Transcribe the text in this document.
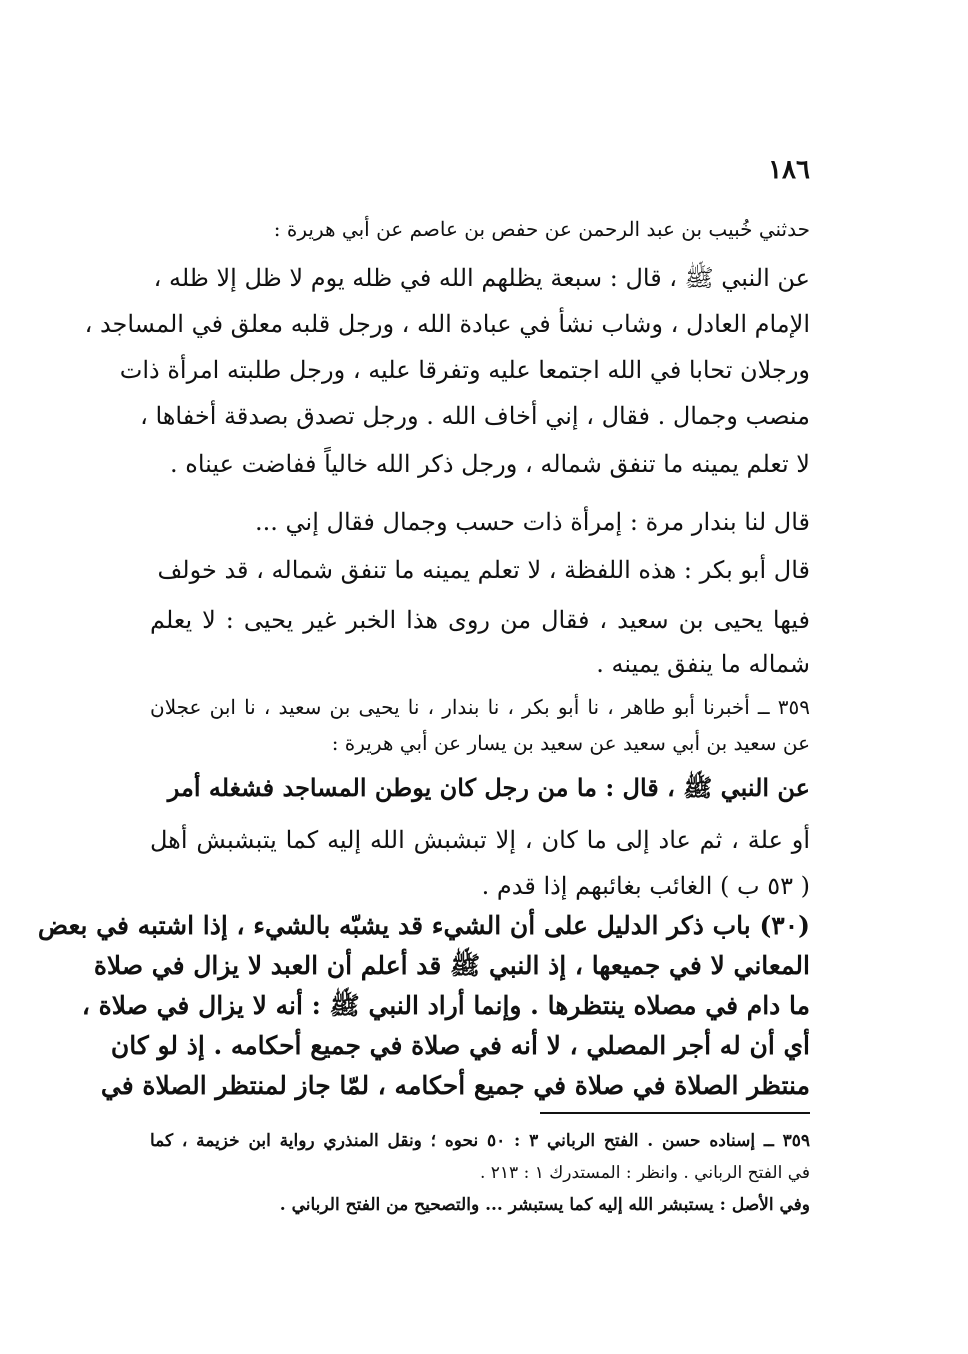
١٨٦
حدثني خُبيب بن عبد الرحمن عن حفص بن عاصم عن أبي هريرة :
عن النبي ﷺ ، قال : سبعة يظلهم الله في ظله يوم لا ظل إلا ظله ،
الإمام العادل ، وشاب نشأ في عبادة الله ، ورجل قلبه معلق في المساجد ،
ورجلان تحابا في الله اجتمعا عليه وتفرقا عليه ، ورجل طلبته امرأة ذات
منصب وجمال . فقال ، إني أخاف الله . ورجل تصدق بصدقة أخفاها ،
لا تعلم يمينه ما تنفق شماله ، ورجل ذكر الله خالياً ففاضت عيناه .
قال لنا بندار مرة : إمرأة ذات حسب وجمال فقال إني ...
قال أبو بكر : هذه اللفظة ، لا تعلم يمينه ما تنفق شماله ، قد خولف
فيها يحيى بن سعيد ، فقال من روى هذا الخبر غير يحيى : لا يعلم
شماله ما ينفق يمينه .
٣٥٩ ــ أخبرنا أبو طاهر ، نا أبو بكر ، نا بندار ، نا يحيى بن سعيد ، نا ابن عجلان
عن سعيد بن أبي سعيد عن سعيد بن يسار عن أبي هريرة :
عن النبي ﷺ ، قال : ما من رجل كان يوطن المساجد فشغله أمر
أو علة ، ثم عاد إلى ما كان ، إلا تبشبش الله إليه كما يتبشبش أهل
( ٥٣ ب ) الغائب بغائبهم إذا قدم .
(٣٠) باب ذكر الدليل على أن الشيء قد يشبّه بالشيء ، إذا اشتبه في بعض
المعاني لا في جميعها ، إذ النبي ﷺ قد أعلم أن العبد لا يزال في صلاة
ما دام في مصلاه ينتظرها . وإنما أراد النبي ﷺ : أنه لا يزال في صلاة ،
أي أن له أجر المصلي ، لا أنه في صلاة في جميع أحكامه . إذ لو كان
منتظر الصلاة في صلاة في جميع أحكامه ، لمّا جاز لمنتظر الصلاة في
٣٥٩ ــ إسناده حسن . الفتح الرباني ٣ : ٥٠ نحوه ؛ ونقل المنذري رواية ابن خزيمة ، كما
في الفتح الرباني . وانظر : المستدرك ١ : ٢١٣ .
وفي الأصل : يستبشر الله إليه كما يستبشر ... والتصحيح من الفتح الرباني .
